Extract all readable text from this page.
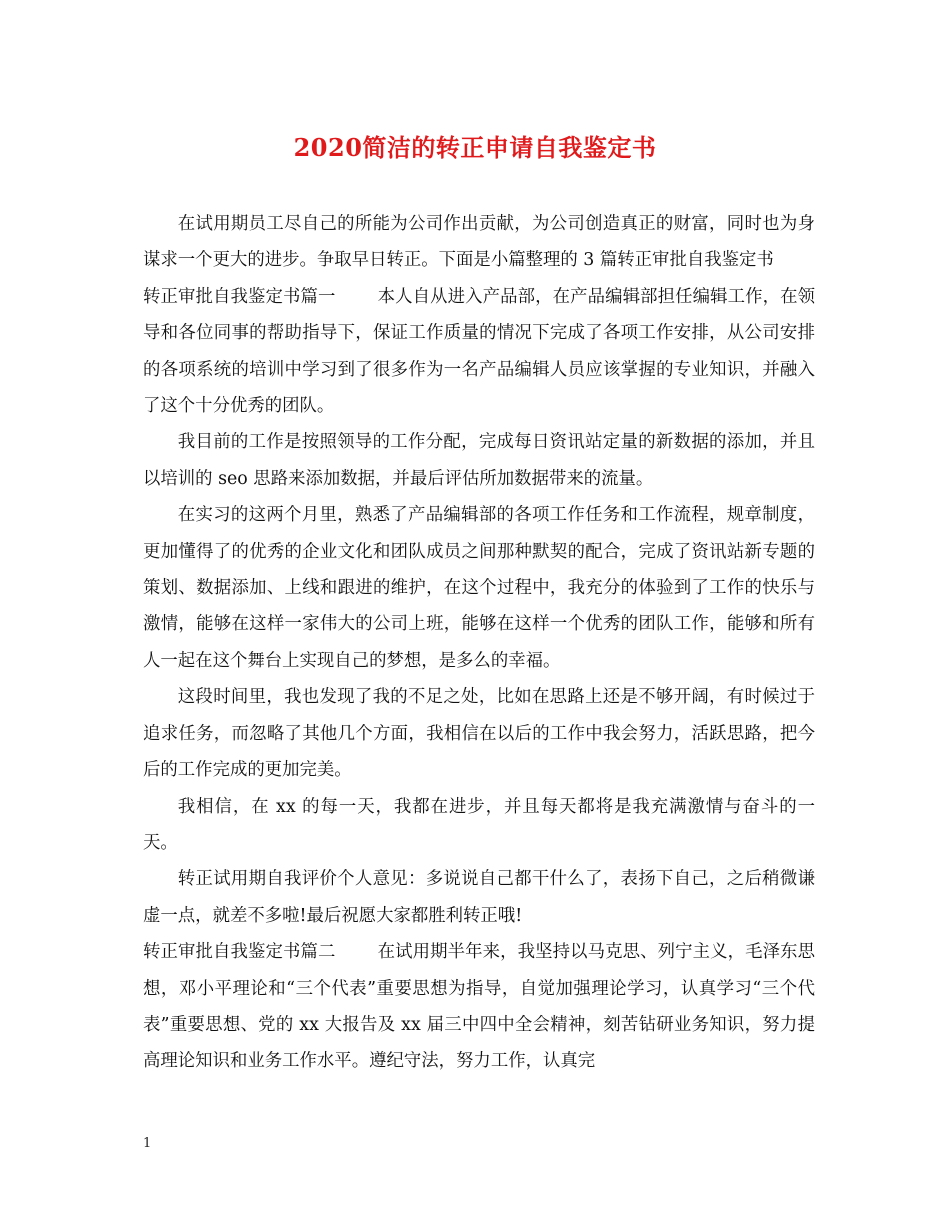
2020简洁的转正申请自我鉴定书

在试用期员工尽自己的所能为公司作出贡献，为公司创造真正的财富，同时也为身谋求一个更大的进步。争取早日转正。下面是小篇整理的 3 篇转正审批自我鉴定书

转正审批自我鉴定书篇一 本人自从进入产品部，在产品编辑部担任编辑工作，在领导和各位同事的帮助指导下，保证工作质量的情况下完成了各项工作安排，从公司安排的各项系统的培训中学习到了很多作为一名产品编辑人员应该掌握的专业知识，并融入了这个十分优秀的团队。

我目前的工作是按照领导的工作分配，完成每日资讯站定量的新数据的添加，并且以培训的 seo 思路来添加数据，并最后评估所加数据带来的流量。

在实习的这两个月里，熟悉了产品编辑部的各项工作任务和工作流程，规章制度，更加懂得了的优秀的企业文化和团队成员之间那种默契的配合，完成了资讯站新专题的策划、数据添加、上线和跟进的维护，在这个过程中，我充分的体验到了工作的快乐与激情，能够在这样一家伟大的公司上班，能够在这样一个优秀的团队工作，能够和所有人一起在这个舞台上实现自己的梦想，是多么的幸福。

这段时间里，我也发现了我的不足之处，比如在思路上还是不够开阔，有时候过于追求任务，而忽略了其他几个方面，我相信在以后的工作中我会努力，活跃思路，把今后的工作完成的更加完美。

我相信，在 xx 的每一天，我都在进步，并且每天都将是我充满激情与奋斗的一天。

转正试用期自我评价个人意见：多说说自己都干什么了，表扬下自己，之后稍微谦虚一点，就差不多啦!最后祝愿大家都胜利转正哦!

转正审批自我鉴定书篇二 在试用期半年来，我坚持以马克思、列宁主义，毛泽东思想，邓小平理论和“三个代表”重要思想为指导，自觉加强理论学习，认真学习“三个代表”重要思想、党的 xx 大报告及 xx 届三中四中全会精神，刻苦钻研业务知识，努力提高理论知识和业务工作水平。遵纪守法，努力工作，认真完

1
